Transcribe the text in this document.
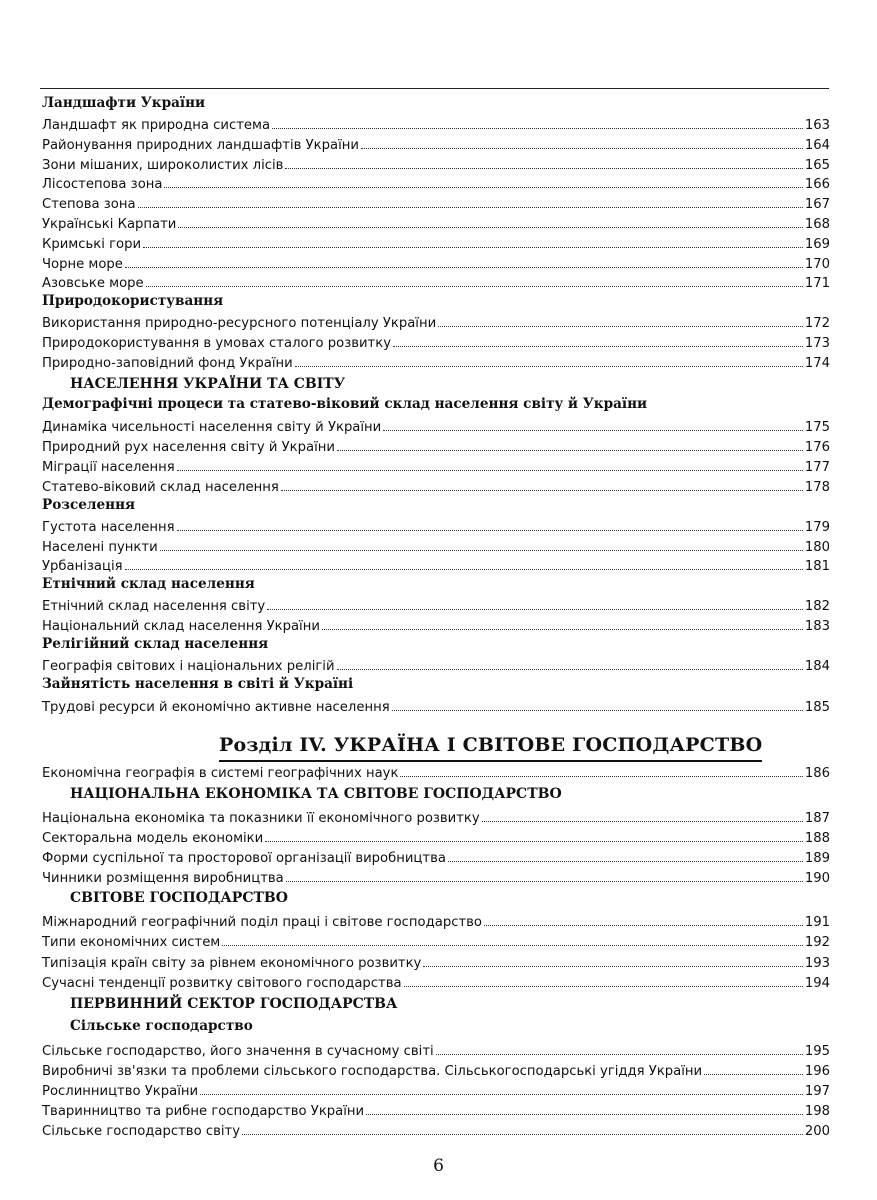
Ландшафти України
Ландшафт як природна система	163
Районування природних ландшафтів України	164
Зони мішаних, широколистих лісів	165
Лісостепова зона	166
Степова зона	167
Українські Карпати	168
Кримські гори	169
Чорне море	170
Азовське море	171
Природокористування
Використання природно-ресурсного потенціалу України	172
Природокористування в умовах сталого розвитку	173
Природно-заповідний фонд України	174
НАСЕЛЕННЯ УКРАЇНИ ТА СВІТУ
Демографічні процеси та статево-віковий склад населення світу й України
Динаміка чисельності населення світу й України	175
Природний рух населення світу й України	176
Міграції населення	177
Статево-віковий склад населення	178
Розселення
Густота населення	179
Населені пункти	180
Урбанізація	181
Етнічний склад населення
Етнічний склад населення світу	182
Національний склад населення України	183
Релігійний склад населення
Географія світових і національних релігій	184
Зайнятість населення в світі й Україні
Трудові ресурси й економічно активне населення	185
Розділ IV. УКРАЇНА І СВІТОВЕ ГОСПОДАРСТВО
Економічна географія в системі географічних наук	186
НАЦІОНАЛЬНА ЕКОНОМІКА ТА СВІТОВЕ ГОСПОДАРСТВО
Національна економіка та показники її економічного розвитку	187
Секторальна модель економіки	188
Форми суспільної та просторової організації виробництва	189
Чинники розміщення виробництва	190
СВІТОВЕ ГОСПОДАРСТВО
Міжнародний географічний поділ праці і світове господарство	191
Типи економічних систем	192
Типізація країн світу за рівнем економічного розвитку	193
Сучасні тенденції розвитку світового господарства	194
ПЕРВИННИЙ СЕКТОР ГОСПОДАРСТВА
Сільське господарство
Сільське господарство, його значення в сучасному світі	195
Виробничі зв'язки та проблеми сільського господарства. Сільськогосподарські угіддя України	196
Рослинництво України	197
Тваринництво та рибне господарство України	198
Сільське господарство світу	200
6
